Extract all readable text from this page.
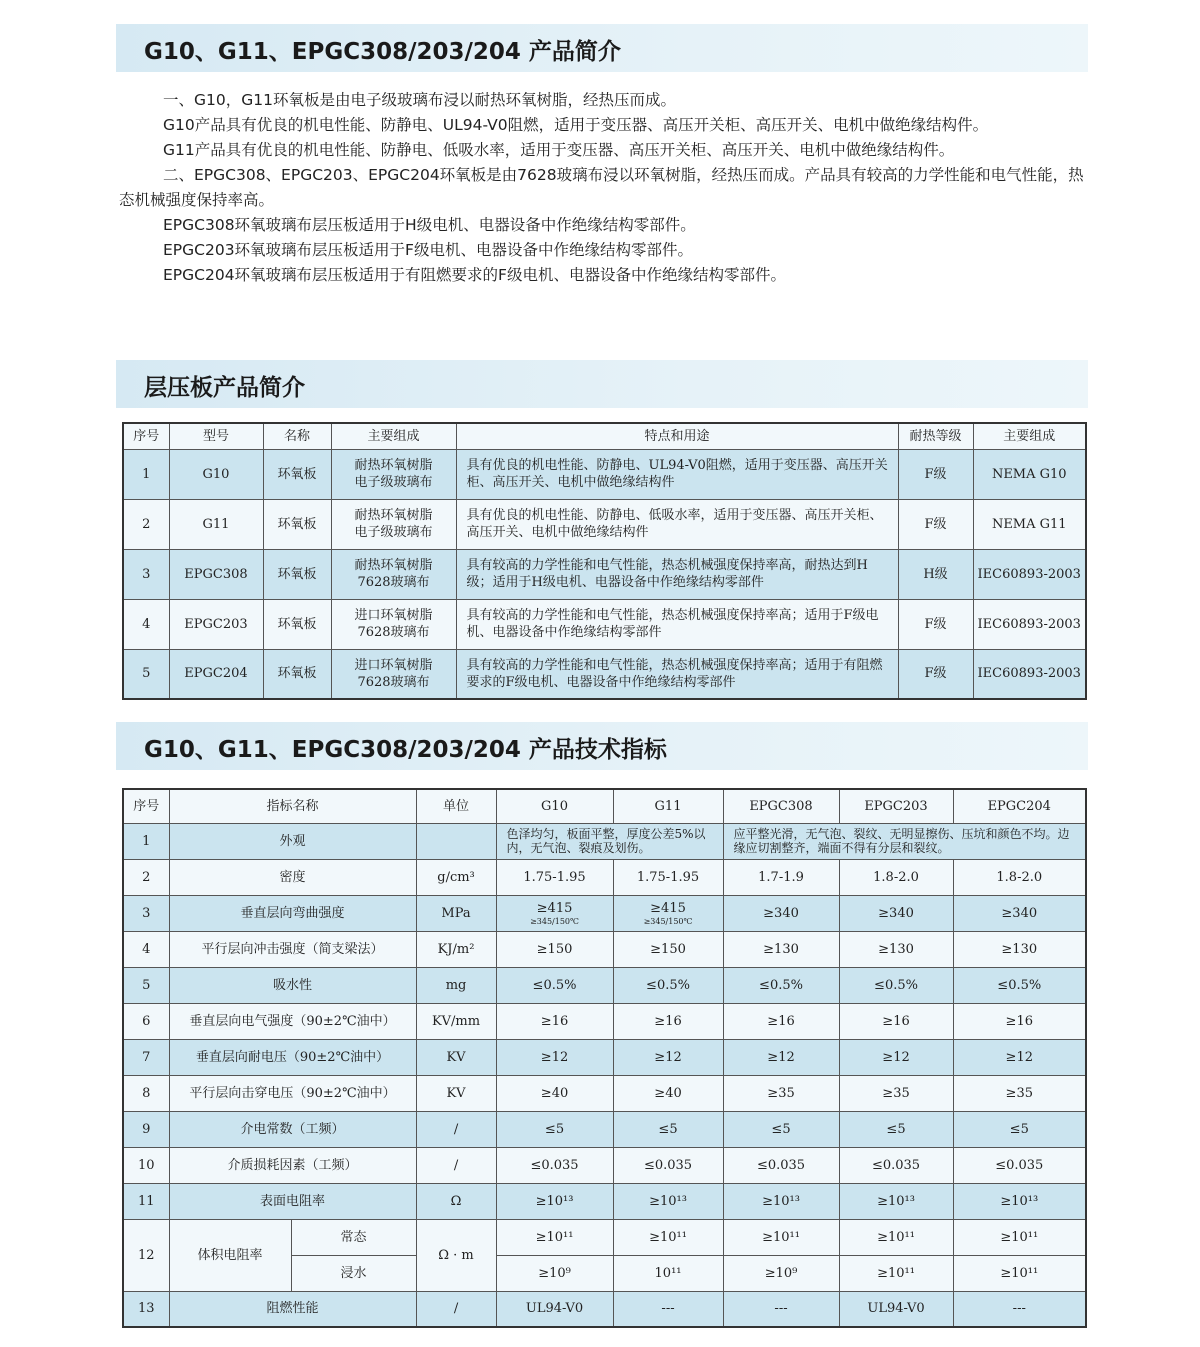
G10、G11、EPGC308/203/204 产品简介

一、G10，G11环氧板是由电子级玻璃布浸以耐热环氧树脂，经热压而成。

G10产品具有优良的机电性能、防静电、UL94-V0阻燃，适用于变压器、高压开关柜、高压开关、电机中做绝缘结构件。

G11产品具有优良的机电性能、防静电、低吸水率，适用于变压器、高压开关柜、高压开关、电机中做绝缘结构件。

二、EPGC308、EPGC203、EPGC204环氧板是由7628玻璃布浸以环氧树脂，经热压而成。产品具有较高的力学性能和电气性能，热态机械强度保持率高。

EPGC308环氧玻璃布层压板适用于H级电机、电器设备中作绝缘结构零部件。

EPGC203环氧玻璃布层压板适用于F级电机、电器设备中作绝缘结构零部件。

EPGC204环氧玻璃布层压板适用于有阻燃要求的F级电机、电器设备中作绝缘结构零部件。

层压板产品简介
序号	型号	名称	主要组成	特点和用途	耐热等级	主要组成
1	G10	环氧板	耐热环氧树脂
电子级玻璃布	具有优良的机电性能、防静电、UL94-V0阻燃，适用于变压器、高压开关柜、高压开关、电机中做绝缘结构件	F级	NEMA G10
2	G11	环氧板	耐热环氧树脂
电子级玻璃布	具有优良的机电性能、防静电、低吸水率，适用于变压器、高压开关柜、高压开关、电机中做绝缘结构件	F级	NEMA G11
3	EPGC308	环氧板	耐热环氧树脂
7628玻璃布	具有较高的力学性能和电气性能，热态机械强度保持率高，耐热达到H级；适用于H级电机、电器设备中作绝缘结构零部件	H级	IEC60893-2003
4	EPGC203	环氧板	进口环氧树脂
7628玻璃布	具有较高的力学性能和电气性能，热态机械强度保持率高；适用于F级电机、电器设备中作绝缘结构零部件	F级	IEC60893-2003
5	EPGC204	环氧板	进口环氧树脂
7628玻璃布	具有较高的力学性能和电气性能，热态机械强度保持率高；适用于有阻燃要求的F级电机、电器设备中作绝缘结构零部件	F级	IEC60893-2003
G10、G11、EPGC308/203/204 产品技术指标
序号	指标名称		单位	G10	G11	EPGC308	EPGC203	EPGC204
1	外观			色泽均匀，板面平整，厚度公差5%以内，无气泡、裂痕及划伤。		应平整光滑，无气泡、裂纹、无明显擦伤、压坑和颜色不均。边缘应切割整齐，端面不得有分层和裂纹。		
2	密度		g/cm³	1.75-1.95	1.75-1.95	1.7-1.9	1.8-2.0	1.8-2.0
3	垂直层向弯曲强度		MPa	≥415
≥345/150℃	≥415
≥345/150℃	≥340	≥340	≥340
4	平行层向冲击强度（简支梁法）		KJ/m²	≥150	≥150	≥130	≥130	≥130
5	吸水性		mg	≤0.5%	≤0.5%	≤0.5%	≤0.5%	≤0.5%
6	垂直层向电气强度（90±2℃油中）		KV/mm	≥16	≥16	≥16	≥16	≥16
7	垂直层向耐电压（90±2℃油中）		KV	≥12	≥12	≥12	≥12	≥12
8	平行层向击穿电压（90±2℃油中）		KV	≥40	≥40	≥35	≥35	≥35
9	介电常数（工频）		/	≤5	≤5	≤5	≤5	≤5
10	介质损耗因素（工频）		/	≤0.035	≤0.035	≤0.035	≤0.035	≤0.035
11	表面电阻率		Ω	≥10¹³	≥10¹³	≥10¹³	≥10¹³	≥10¹³
12	体积电阻率	常态	Ω · m	≥10¹¹	≥10¹¹	≥10¹¹	≥10¹¹	≥10¹¹
		浸水		≥10⁹	10¹¹	≥10⁹	≥10¹¹	≥10¹¹
13	阻燃性能		/	UL94-V0	---	---	UL94-V0	---
